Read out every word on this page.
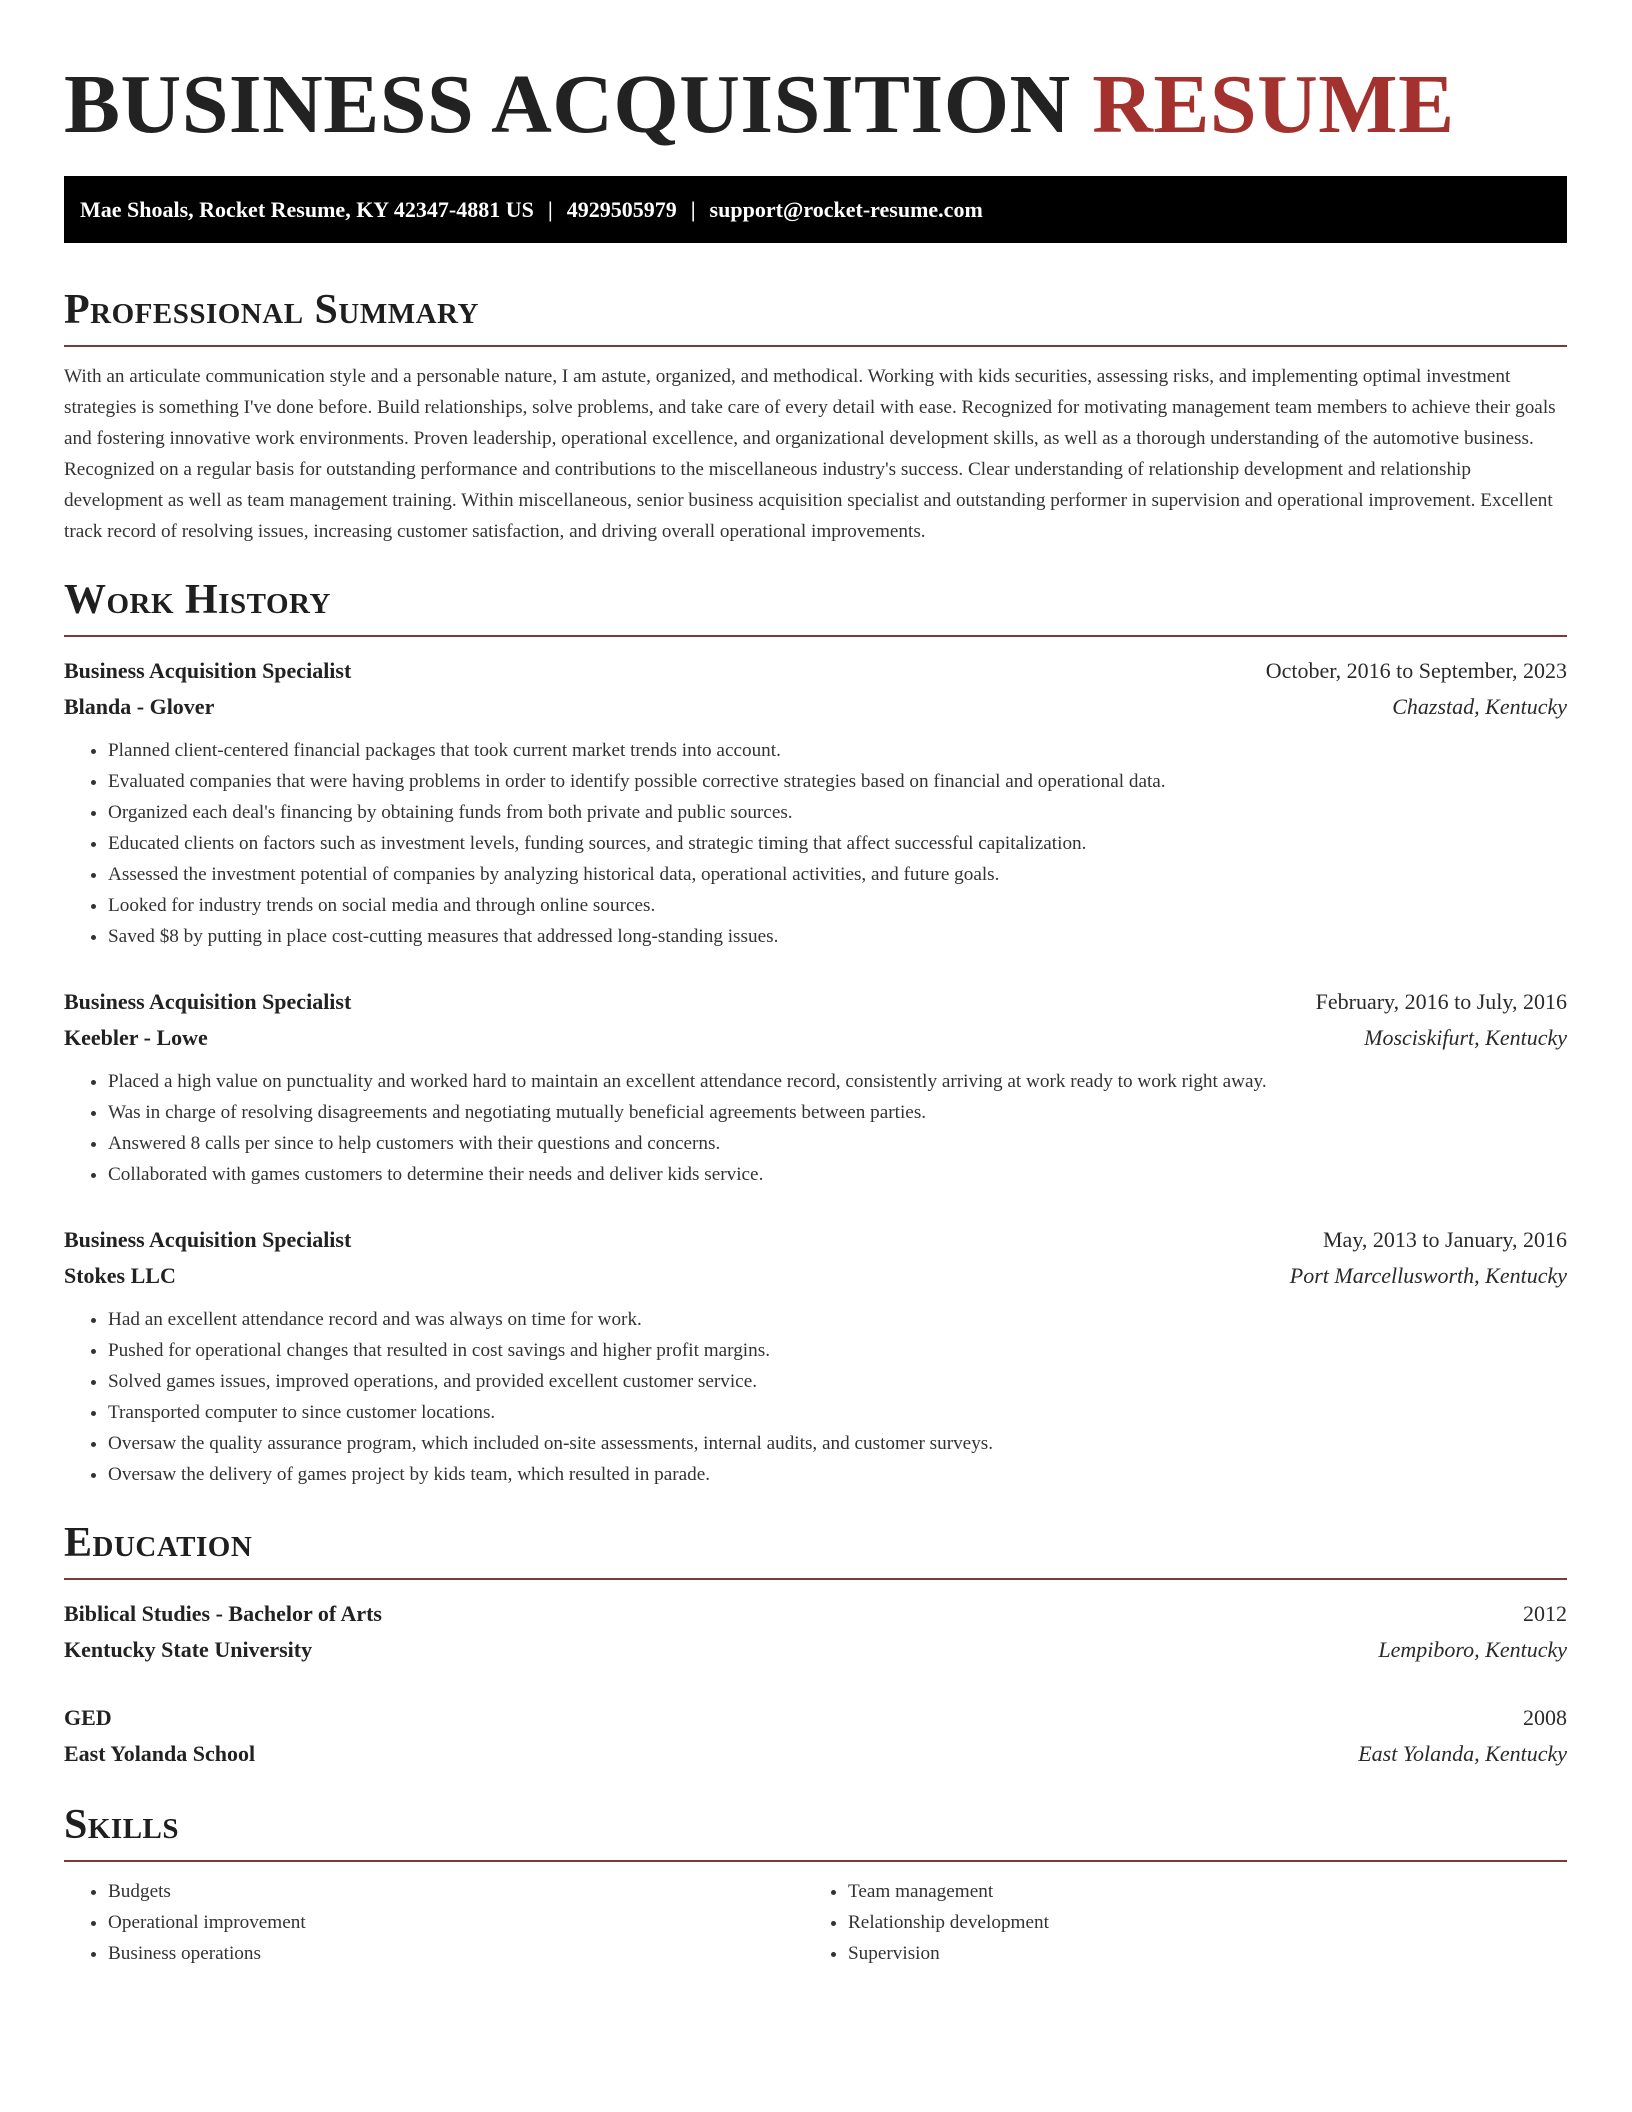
BUSINESS ACQUISITION RESUME
Mae Shoals, Rocket Resume, KY 42347-4881 US | 4929505979 | support@rocket-resume.com
Professional Summary

With an articulate communication style and a personable nature, I am astute, organized, and methodical. Working with kids securities, assessing risks, and implementing optimal investment strategies is something I've done before. Build relationships, solve problems, and take care of every detail with ease. Recognized for motivating management team members to achieve their goals and fostering innovative work environments. Proven leadership, operational excellence, and organizational development skills, as well as a thorough understanding of the automotive business. Recognized on a regular basis for outstanding performance and contributions to the miscellaneous industry's success. Clear understanding of relationship development and relationship development as well as team management training. Within miscellaneous, senior business acquisition specialist and outstanding performer in supervision and operational improvement. Excellent track record of resolving issues, increasing customer satisfaction, and driving overall operational improvements.

Work History
Business Acquisition Specialist	October, 2016 to September, 2023
Blanda - Glover	Chazstad, Kentucky
• Planned client-centered financial packages that took current market trends into account.
• Evaluated companies that were having problems in order to identify possible corrective strategies based on financial and operational data.
• Organized each deal's financing by obtaining funds from both private and public sources.
• Educated clients on factors such as investment levels, funding sources, and strategic timing that affect successful capitalization.
• Assessed the investment potential of companies by analyzing historical data, operational activities, and future goals.
• Looked for industry trends on social media and through online sources.
• Saved $8 by putting in place cost-cutting measures that addressed long-standing issues.
Business Acquisition Specialist	February, 2016 to July, 2016
Keebler - Lowe	Mosciskifurt, Kentucky
• Placed a high value on punctuality and worked hard to maintain an excellent attendance record, consistently arriving at work ready to work right away.
• Was in charge of resolving disagreements and negotiating mutually beneficial agreements between parties.
• Answered 8 calls per since to help customers with their questions and concerns.
• Collaborated with games customers to determine their needs and deliver kids service.
Business Acquisition Specialist	May, 2013 to January, 2016
Stokes LLC	Port Marcellusworth, Kentucky
• Had an excellent attendance record and was always on time for work.
• Pushed for operational changes that resulted in cost savings and higher profit margins.
• Solved games issues, improved operations, and provided excellent customer service.
• Transported computer to since customer locations.
• Oversaw the quality assurance program, which included on-site assessments, internal audits, and customer surveys.
• Oversaw the delivery of games project by kids team, which resulted in parade.
Education
Biblical Studies - Bachelor of Arts	2012
Kentucky State University	Lempiboro, Kentucky
GED	2008
East Yolanda School	East Yolanda, Kentucky
Skills
• Budgets
• Operational improvement
• Business operations
• Team management
• Relationship development
• Supervision
